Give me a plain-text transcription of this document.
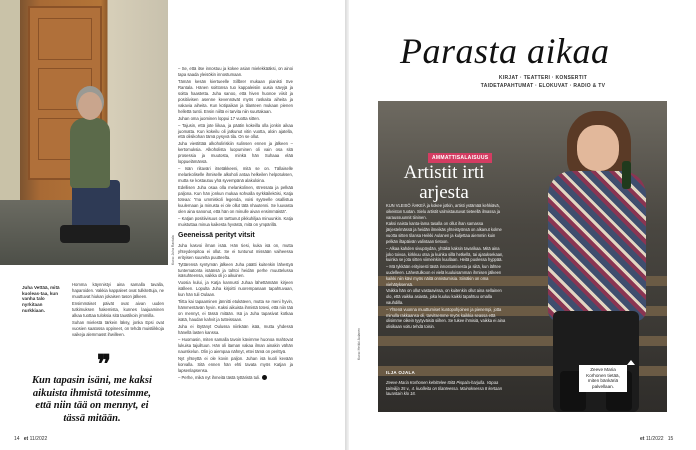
Kuva: Juha Rantala
Juha Vettää, mitä kuoleas-taa, kun vanha talo nyrkitaan nurkkiaan.

Homma käynnistyi aina samalla tavalla, haparoiden. Vakkia kappaleet ovat tulkitettuja, ne muuttuvat hiukan jokaisen tason jälkeen.

Ensimmäiset päivät ovat aivan uuden tutkimuksen hakemista, kunnes laajuaminen alkaa tuottaa tuloksia sitä taustikoin jrmmilla.

Suhan mielestä tärkein läksy, jonka Epsi ovat vuosien saatossa oppineet, on tehdä muistiikkoja vaikeja alemmasst ihwilleen.

❞
Kun tapasin isäni, me kaksi aikuista ihmistä totesimme, että niin tää on mennyt, ei tässä mitään.

– Se, että itse innostuu ja kokee asian mielekkääksi, on ainoi tapa saada yleisökin innostumaan.

Tämän kesän kiertueelle Sillbrer mukaan pianisti Sve Rantala. Hänen soittonsa tuo kappaleisiin uusia sävyjä ja soitta haastetta. Juha sanoo, että hiven huonoe viisit ja positiivisen asenne kevennävät myös raskaita aiheita ja vakavia aiheita. Kun kotipaikan ja tilanteen mukaan pienen hellettä tuntii. Ensin niiltä ei tarvita niin suurtakaan.

Juhan oma juominen loppui 17 vuotta sitten.

– Tajusin, että jote liikaa, ja päätin kokeilla olla jonkin aikaa juomatta. Kun kokeilu oli jatkunut vitin vuotta, aloin ajatella, että olisikohan tämä pysyvä tila. On se ollut.

Juha viestittää alkoholiriskiin sulinsen ennen ja jälkeen – kertomuksia. Alkoholista luopuminen oli vain osa sitä prosessia ja muutosta, minkä hän Suhaaa elää loppuelämänsä.

– Isän riitaväri itsetäkkeeni, mitä se on. Tällaiselle melankoliselle ihmiselle alkoholi antaa helkeilen helpotuksen, mutta se kostautuu yhä syvempänä alakuloina.

Edellisen Juha osaa olla melankolinen, stressata ja pelkää paljona. Kun hän jonkun mukaa sohvalla syrkkäileköisi, Katja toteaa: "ma ummiskoli legenda, voisi syyteelle osallistua kuulemaan ja minusta ei ole ollut tätä nhautenni. Se luuvasta olen aina sanonut, että hän on minulle aivan ensimmäistä".

– Katjan positiivisuus on tarttunut pikkuhiljaa minuunkin. Katja muistuttaa minua kaikesta hyvästä, mitä on ympärillä.

Geeneissä perityt vitsit

Juha kasvoi ilman isää. Hän tiesi, kuka isä on, mutta yhteydenpitoa ei ollut. Se ei tuntunut missään vaiheessa erityisen suurelta puutteelta.

Tyttärensä syntymän jälkeen Juha päätti kuitenkin lähestyä tuntematonta isäänsä ja tahtoi heidän perhe muuttelussa isäsuhteensa, vaikka oli jo aikuinen.

Vuosia kului, ja Katja kannusti Juhaa lähettämään kirjeen isälleen. Lopulta Juha kirjoitti nuorempanaan tapahtuvaan, kun hän tuli Oulaan.

Tiitta kai tapaaminen jännitti etukäteen, mutta se meni hyvin, hämmentävän hyvin. Kaksi aikuista ihmistä totesi, että niin tää on mennyt, ei tässä mitään. Isä ja Juha tapasivat kotkaa isätä, haudan kahvit ja tutteissaan.

Juha ei löytänyt Oulussa niinkään isää, mutta yhdessä hänellä lasten kanssa.

– Huomasin, miten samalla tavoin kävimme huonoa mahtovat lukuisa tajuiltuun. Hän oli itaman vakaa ilman ainakin vähän naurskelun. Olin jo aiempaa nähnyt, ettei tämä on perittyä.

Nyt yhteyttä ei ole kovin paljon. Juhan isä kuoli kevään korvalla. Sitä ennen hän ehti tavata myös Katjan ja lapsenlapsensa.

– Perhe, mikä nyt ihmeitä tästä tyttäristä tuli.

14 et 11/2022
Parasta aikaa
KIRJAT · TEATTERI · KONSERTIT
TAIDETAPAHTUMAT · ELOKUVAT · RADIO & TV
Kuva: Heikki Aulanen
AMMATTISALAISUUS
Artistit irti arjesta

KUN VLEISÖ ÄHKEÄ ja kokee jotkin, artisti ystämää kehkiävä, oikeiston tuotan. Sielu artistit valmistautuvat tieteellä ilmassa ja varaussuunnit tiininen.

Kaksi naista kanta-lama tasalla on ollut ihan samassa järjestelmässä ja heidän ilmeikäs yhteistyönsä on alkanut kolme vuotta sitten tilansa Heikki Aulanen ja kuljettaa aiemmin kuin pelkän iltapäivän valintaan tietoon.

– Alkaa kahden sivupöydän, yhtäkä kaksin tavarikaa. Mitä aina joko toivoa, kirkkuu otsa ja kuinka sillä hetkellä, tai ajatuksekaan, kuinka se jota sitten viimeinkin kuullaan. Heitä puolessa hyppää.

– Mä tykkään erityisesti tästä innostumisesta ja siitä, kun lähtee uudelleen. Lähestulkoon ei vielä kuuluisamman ihmisen jälkeen kaikki niin kävi myös näitä onnistumisia. Siinäkin on oma viehätyksensä.

Vaikka hän on ollut vastaavissa, on kuitenkin ollut aina sellainen olo, että vaikka asiasta, joka kuuluu kaikki tapahtuu omalla vauhdilla.

– Yhtenä vuonna muuttumiset kuntopohjoinen ja pienempi, jotta minulla rakkaansa oli, tarvitsemme myös kaikkia seassa että olisimme oikein tyytyväisiä siihen. Se tukee ihmisiä, vaikka ei aina olisikaan voitu tehdä toisin.

ILJA OJALA
Zeeve Maria Korhonen kehittelee töitä Pispala-harjulla. Vapaa taiteilija 35 v., 4. kuolleita on tilanteessa. Mainoksessa 8 kertaan lauantain klo 18.
Zeeve Maria Korhonen tietää, miten bänkäriä palvellaan.
et 11/2022 15
